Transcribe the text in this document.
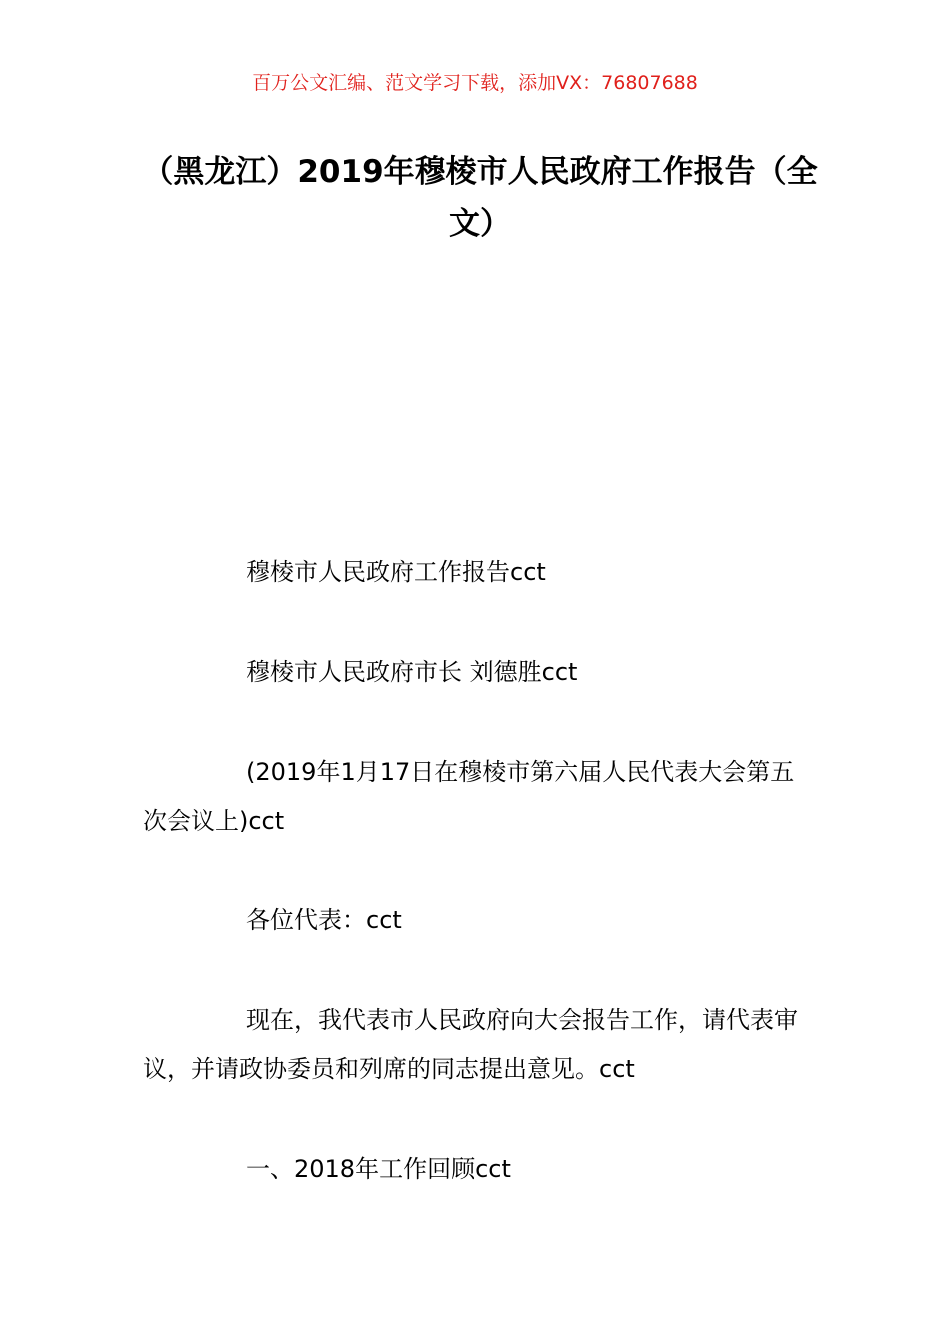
百万公文汇编、范文学习下载，添加VX：76807688
（黑龙江）2019年穆棱市人民政府工作报告（全文）

穆棱市人民政府工作报告cct

穆棱市人民政府市长 刘德胜cct

(2019年1月17日在穆棱市第六届人民代表大会第五次会议上)cct

各位代表：cct

现在，我代表市人民政府向大会报告工作，请代表审议，并请政协委员和列席的同志提出意见。cct

一、2018年工作回顾cct
